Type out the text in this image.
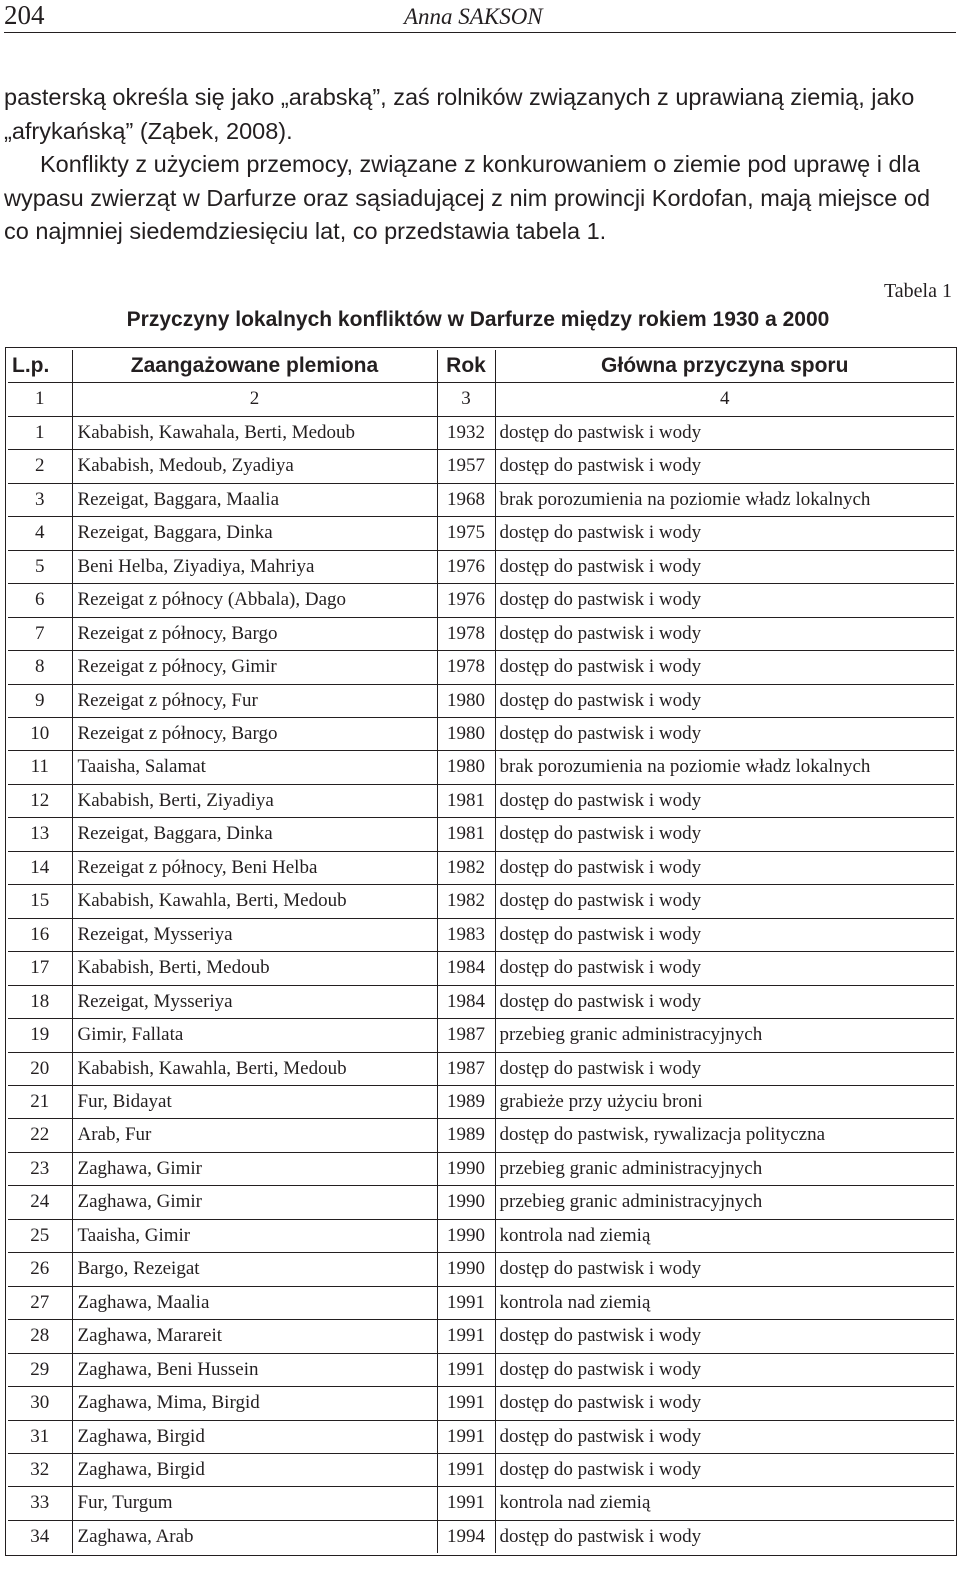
204	Anna SAKSON

pasterską określa się jako „arabską”, zaś rolników związanych z uprawianą ziemią, jako „afrykańską” (Ząbek, 2008).

Konflikty z użyciem przemocy, związane z konkurowaniem o ziemie pod uprawę i dla wypasu zwierząt w Darfurze oraz sąsiadującej z nim prowincji Kordofan, mają miejsce od co najmniej siedemdziesięciu lat, co przedstawia tabela 1.

Tabela 1
Przyczyny lokalnych konfliktów w Darfurze między rokiem 1930 a 2000
L.p.	Zaangażowane plemiona	Rok	Główna przyczyna sporu
1	2	3	4
1	Kababish, Kawahala, Berti, Medoub	1932	dostęp do pastwisk i wody
2	Kababish, Medoub, Zyadiya	1957	dostęp do pastwisk i wody
3	Rezeigat, Baggara, Maalia	1968	brak porozumienia na poziomie władz lokalnych
4	Rezeigat, Baggara, Dinka	1975	dostęp do pastwisk i wody
5	Beni Helba, Ziyadiya, Mahriya	1976	dostęp do pastwisk i wody
6	Rezeigat z północy (Abbala), Dago	1976	dostęp do pastwisk i wody
7	Rezeigat z północy, Bargo	1978	dostęp do pastwisk i wody
8	Rezeigat z północy, Gimir	1978	dostęp do pastwisk i wody
9	Rezeigat z północy, Fur	1980	dostęp do pastwisk i wody
10	Rezeigat z północy, Bargo	1980	dostęp do pastwisk i wody
11	Taaisha, Salamat	1980	brak porozumienia na poziomie władz lokalnych
12	Kababish, Berti, Ziyadiya	1981	dostęp do pastwisk i wody
13	Rezeigat, Baggara, Dinka	1981	dostęp do pastwisk i wody
14	Rezeigat z północy, Beni Helba	1982	dostęp do pastwisk i wody
15	Kababish, Kawahla, Berti, Medoub	1982	dostęp do pastwisk i wody
16	Rezeigat, Mysseriya	1983	dostęp do pastwisk i wody
17	Kababish, Berti, Medoub	1984	dostęp do pastwisk i wody
18	Rezeigat, Mysseriya	1984	dostęp do pastwisk i wody
19	Gimir, Fallata	1987	przebieg granic administracyjnych
20	Kababish, Kawahla, Berti, Medoub	1987	dostęp do pastwisk i wody
21	Fur, Bidayat	1989	grabieże przy użyciu broni
22	Arab, Fur	1989	dostęp do pastwisk, rywalizacja polityczna
23	Zaghawa, Gimir	1990	przebieg granic administracyjnych
24	Zaghawa, Gimir	1990	przebieg granic administracyjnych
25	Taaisha, Gimir	1990	kontrola nad ziemią
26	Bargo, Rezeigat	1990	dostęp do pastwisk i wody
27	Zaghawa, Maalia	1991	kontrola nad ziemią
28	Zaghawa, Marareit	1991	dostęp do pastwisk i wody
29	Zaghawa, Beni Hussein	1991	dostęp do pastwisk i wody
30	Zaghawa, Mima, Birgid	1991	dostęp do pastwisk i wody
31	Zaghawa, Birgid	1991	dostęp do pastwisk i wody
32	Zaghawa, Birgid	1991	dostęp do pastwisk i wody
33	Fur, Turgum	1991	kontrola nad ziemią
34	Zaghawa, Arab	1994	dostęp do pastwisk i wody
